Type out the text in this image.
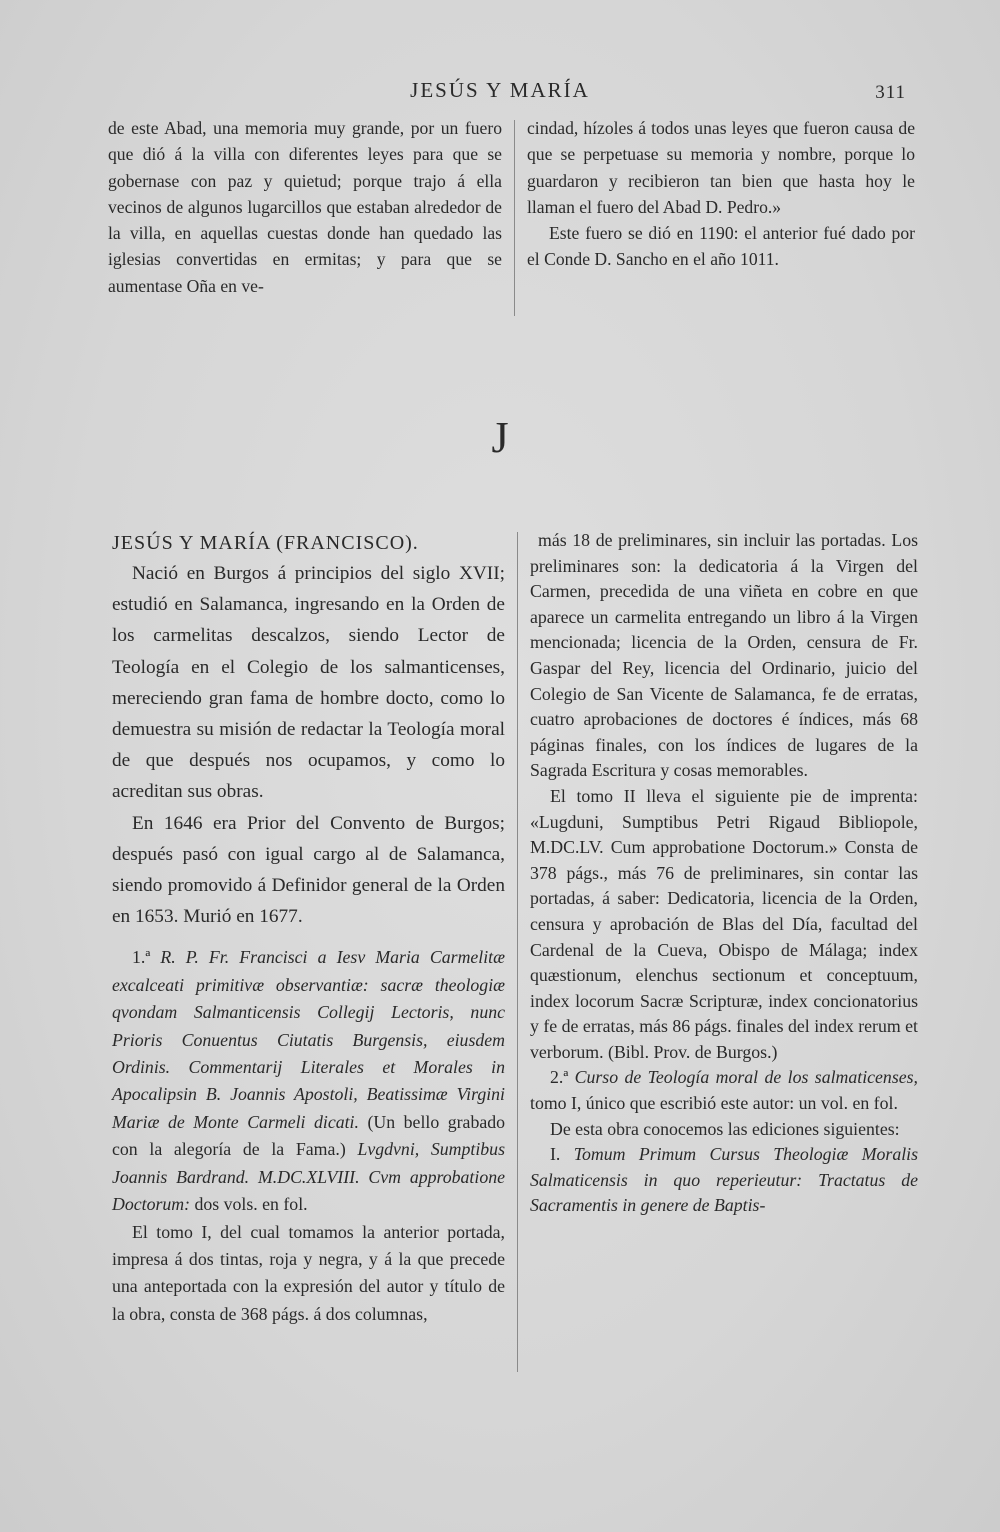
JESÚS Y MARÍA	311

de este Abad, una memoria muy grande, por un fuero que dió á la villa con diferentes leyes para que se gobernase con paz y quietud; porque trajo á ella vecinos de algunos lugarcillos que estaban alrededor de la villa, en aquellas cuestas donde han quedado las iglesias convertidas en ermitas; y para que se aumentase Oña en ve-

cindad, hízoles á todos unas leyes que fueron causa de que se perpetuase su memoria y nombre, porque lo guardaron y recibieron tan bien que hasta hoy le llaman el fuero del Abad D. Pedro.»

Este fuero se dió en 1190: el anterior fué dado por el Conde D. Sancho en el año 1011.

J
JESÚS Y MARÍA (FRANCISCO).

Nació en Burgos á principios del siglo XVII; estudió en Salamanca, ingresando en la Orden de los carmelitas descalzos, siendo Lector de Teología en el Colegio de los salmanticenses, mereciendo gran fama de hombre docto, como lo demuestra su misión de redactar la Teología moral de que después nos ocupamos, y como lo acreditan sus obras.

En 1646 era Prior del Convento de Burgos; después pasó con igual cargo al de Salamanca, siendo promovido á Definidor general de la Orden en 1653. Murió en 1677.

1.ª R. P. Fr. Francisci a Iesv Maria Carmelitæ excalceati primitivæ observantiæ: sacræ theologiæ qvondam Salmanticensis Collegij Lectoris, nunc Prioris Conuentus Ciutatis Burgensis, eiusdem Ordinis. Commentarij Literales et Morales in Apocalipsin B. Joannis Apostoli, Beatissimæ Virgini Mariæ de Monte Carmeli dicati. (Un bello grabado con la alegoría de la Fama.) Lvgdvni, Sumptibus Joannis Bardrand. M.DC.XLVIII. Cvm approbatione Doctorum: dos vols. en fol.

El tomo I, del cual tomamos la anterior portada, impresa á dos tintas, roja y negra, y á la que precede una anteportada con la expresión del autor y título de la obra, consta de 368 págs. á dos columnas,

más 18 de preliminares, sin incluir las portadas. Los preliminares son: la dedicatoria á la Virgen del Carmen, precedida de una viñeta en cobre en que aparece un carmelita entregando un libro á la Virgen mencionada; licencia de la Orden, censura de Fr. Gaspar del Rey, licencia del Ordinario, juicio del Colegio de San Vicente de Salamanca, fe de erratas, cuatro aprobaciones de doctores é índices, más 68 páginas finales, con los índices de lugares de la Sagrada Escritura y cosas memorables.

El tomo II lleva el siguiente pie de imprenta: «Lugduni, Sumptibus Petri Rigaud Bibliopole, M.DC.LV. Cum approbatione Doctorum.» Consta de 378 págs., más 76 de preliminares, sin contar las portadas, á saber: Dedicatoria, licencia de la Orden, censura y aprobación de Blas del Día, facultad del Cardenal de la Cueva, Obispo de Málaga; index quæstionum, elenchus sectionum et conceptuum, index locorum Sacræ Scripturæ, index concionatorius y fe de erratas, más 86 págs. finales del index rerum et verborum. (Bibl. Prov. de Burgos.)

2.ª Curso de Teología moral de los salmaticenses, tomo I, único que escribió este autor: un vol. en fol.

De esta obra conocemos las ediciones siguientes:

I. Tomum Primum Cursus Theologiæ Moralis Salmaticensis in quo reperieutur: Tractatus de Sacramentis in genere de Baptis-
